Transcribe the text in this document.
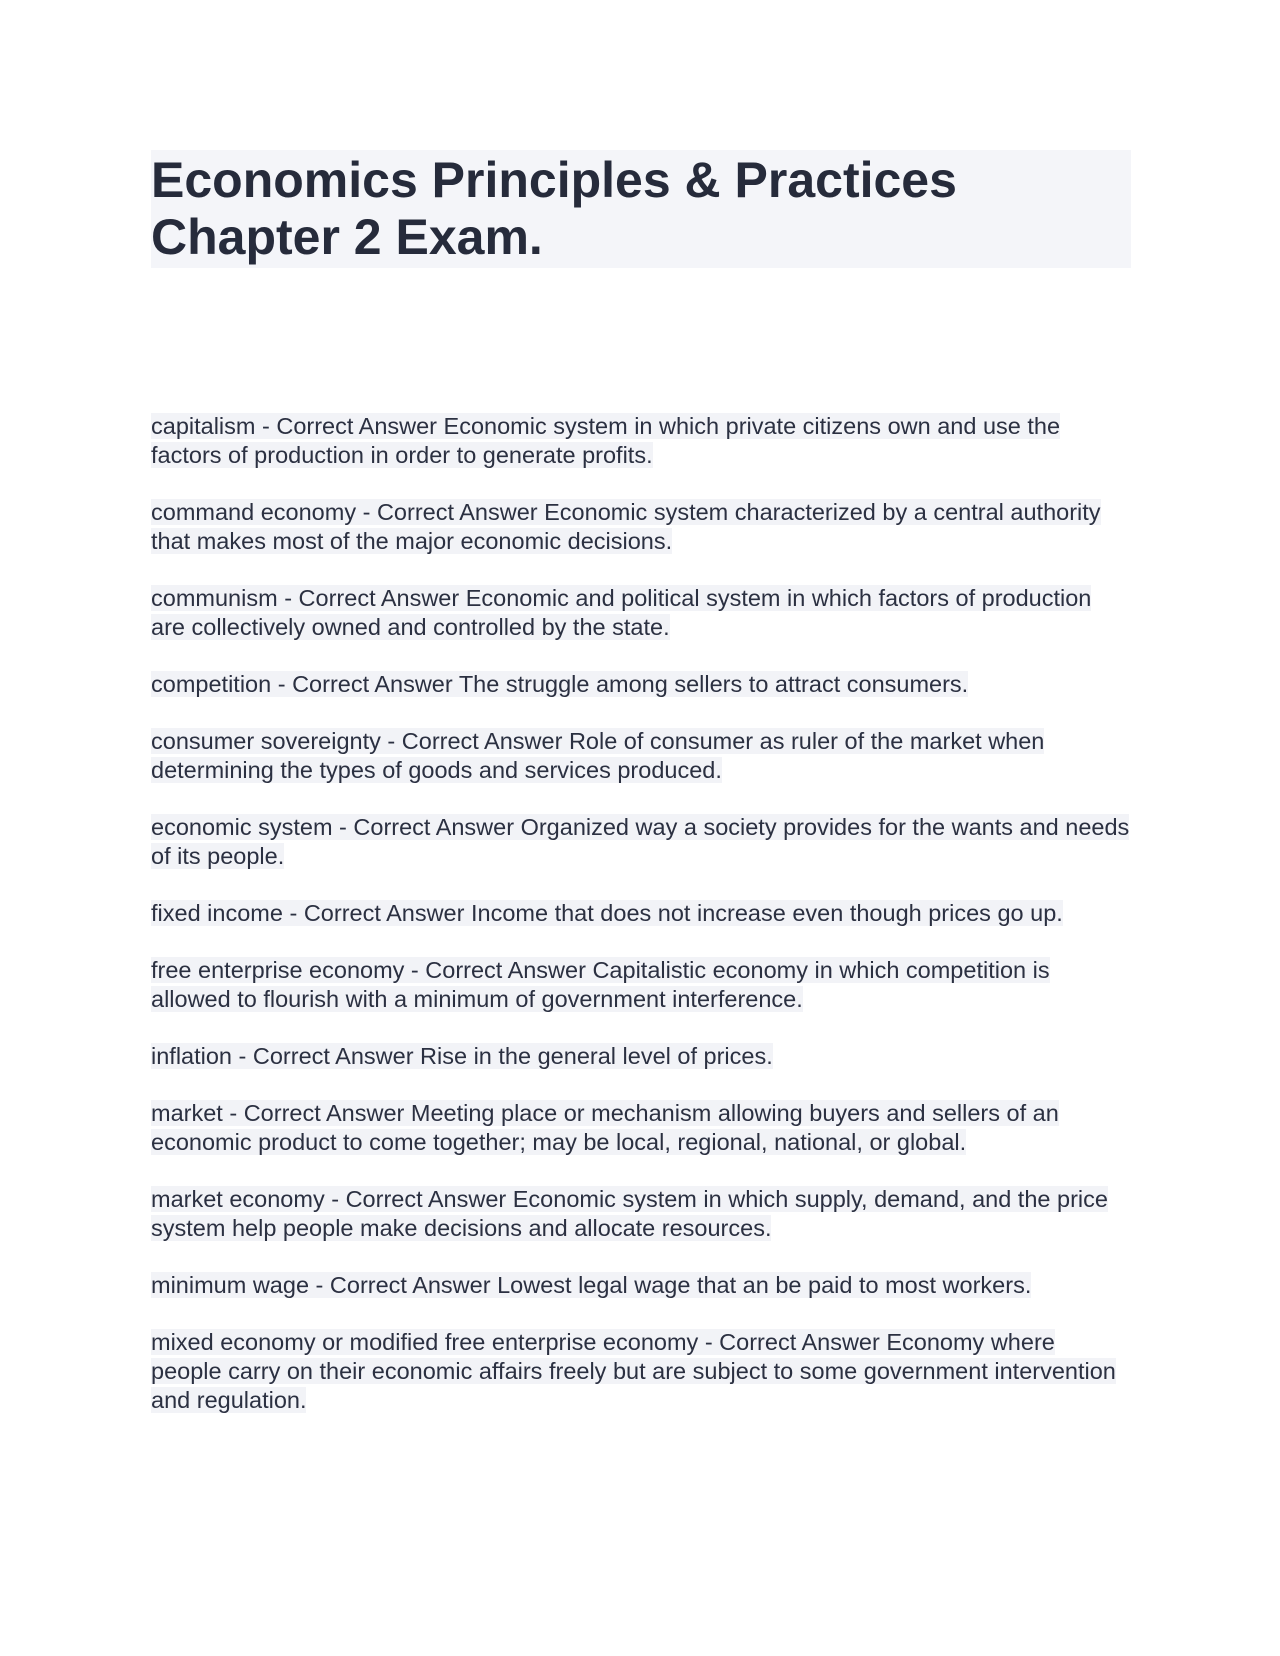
Economics Principles & Practices Chapter 2 Exam.

capitalism - Correct Answer Economic system in which private citizens own and use the factors of production in order to generate profits.

command economy - Correct Answer Economic system characterized by a central authority that makes most of the major economic decisions.

communism - Correct Answer Economic and political system in which factors of production are collectively owned and controlled by the state.

competition - Correct Answer The struggle among sellers to attract consumers.

consumer sovereignty - Correct Answer Role of consumer as ruler of the market when determining the types of goods and services produced.

economic system - Correct Answer Organized way a society provides for the wants and needs of its people.

fixed income - Correct Answer Income that does not increase even though prices go up.

free enterprise economy - Correct Answer Capitalistic economy in which competition is allowed to flourish with a minimum of government interference.

inflation - Correct Answer Rise in the general level of prices.

market - Correct Answer Meeting place or mechanism allowing buyers and sellers of an economic product to come together; may be local, regional, national, or global.

market economy - Correct Answer Economic system in which supply, demand, and the price system help people make decisions and allocate resources.

minimum wage - Correct Answer Lowest legal wage that an be paid to most workers.

mixed economy or modified free enterprise economy - Correct Answer Economy where people carry on their economic affairs freely but are subject to some government intervention and regulation.
